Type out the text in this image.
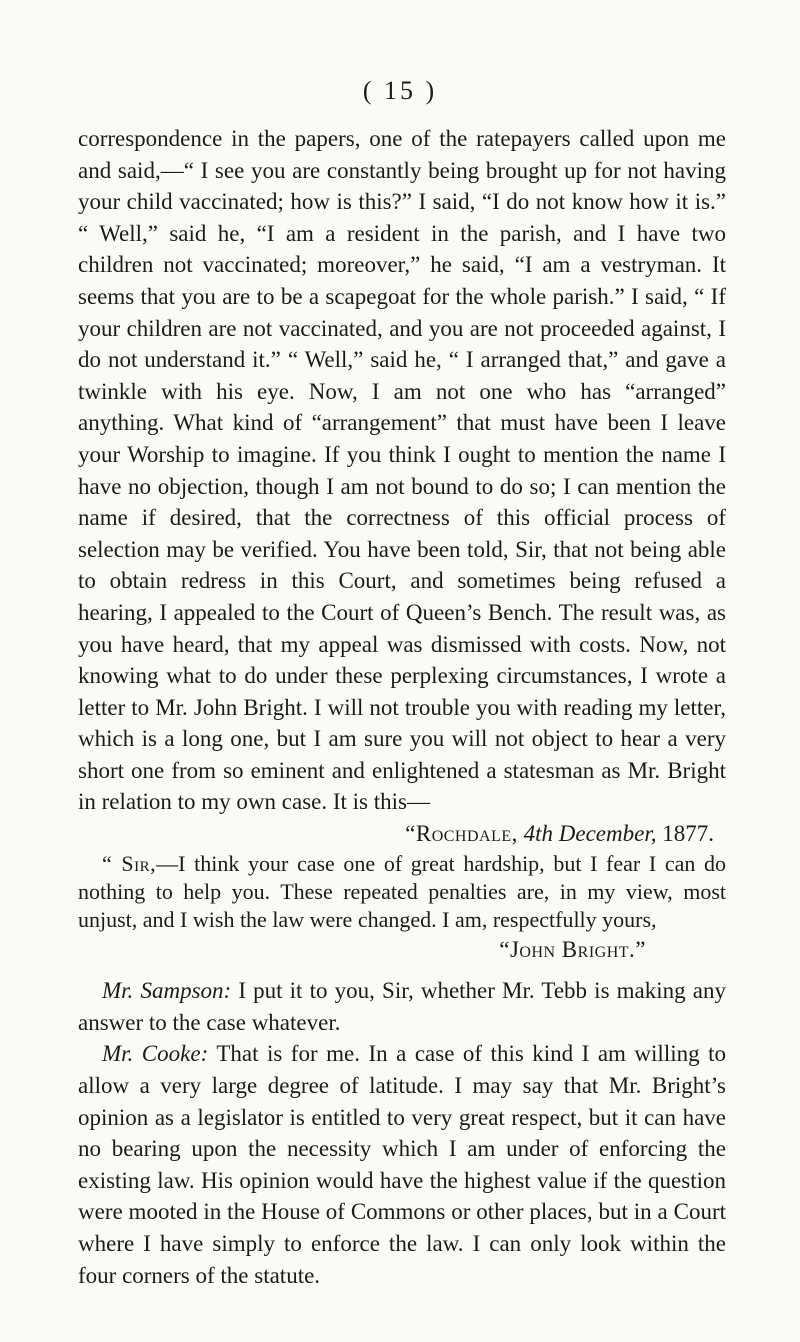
( 15 )

correspondence in the papers, one of the ratepayers called upon me and said,—“ I see you are constantly being brought up for not having your child vaccinated; how is this?” I said, “I do not know how it is.” “ Well,” said he, “I am a resident in the parish, and I have two children not vaccinated; moreover,” he said, “I am a vestryman. It seems that you are to be a scapegoat for the whole parish.” I said, “ If your children are not vaccinated, and you are not proceeded against, I do not understand it.” “ Well,” said he, “ I arranged that,” and gave a twinkle with his eye. Now, I am not one who has “arranged” anything. What kind of “arrangement” that must have been I leave your Worship to imagine. If you think I ought to mention the name I have no objection, though I am not bound to do so; I can mention the name if desired, that the correctness of this official process of selection may be verified. You have been told, Sir, that not being able to obtain redress in this Court, and sometimes being refused a hearing, I appealed to the Court of Queen’s Bench. The result was, as you have heard, that my appeal was dismissed with costs. Now, not knowing what to do under these perplexing circumstances, I wrote a letter to Mr. John Bright. I will not trouble you with reading my letter, which is a long one, but I am sure you will not object to hear a very short one from so eminent and enlightened a statesman as Mr. Bright in relation to my own case. It is this—

“Rochdale, 4th December, 1877.

“ Sir,—I think your case one of great hardship, but I fear I can do nothing to help you. These repeated penalties are, in my view, most unjust, and I wish the law were changed. I am, respectfully yours,

“John Bright.”

Mr. Sampson: I put it to you, Sir, whether Mr. Tebb is making any answer to the case whatever.

Mr. Cooke: That is for me. In a case of this kind I am willing to allow a very large degree of latitude. I may say that Mr. Bright’s opinion as a legislator is entitled to very great respect, but it can have no bearing upon the necessity which I am under of enforcing the existing law. His opinion would have the highest value if the question were mooted in the House of Commons or other places, but in a Court where I have simply to enforce the law. I can only look within the four corners of the statute.
